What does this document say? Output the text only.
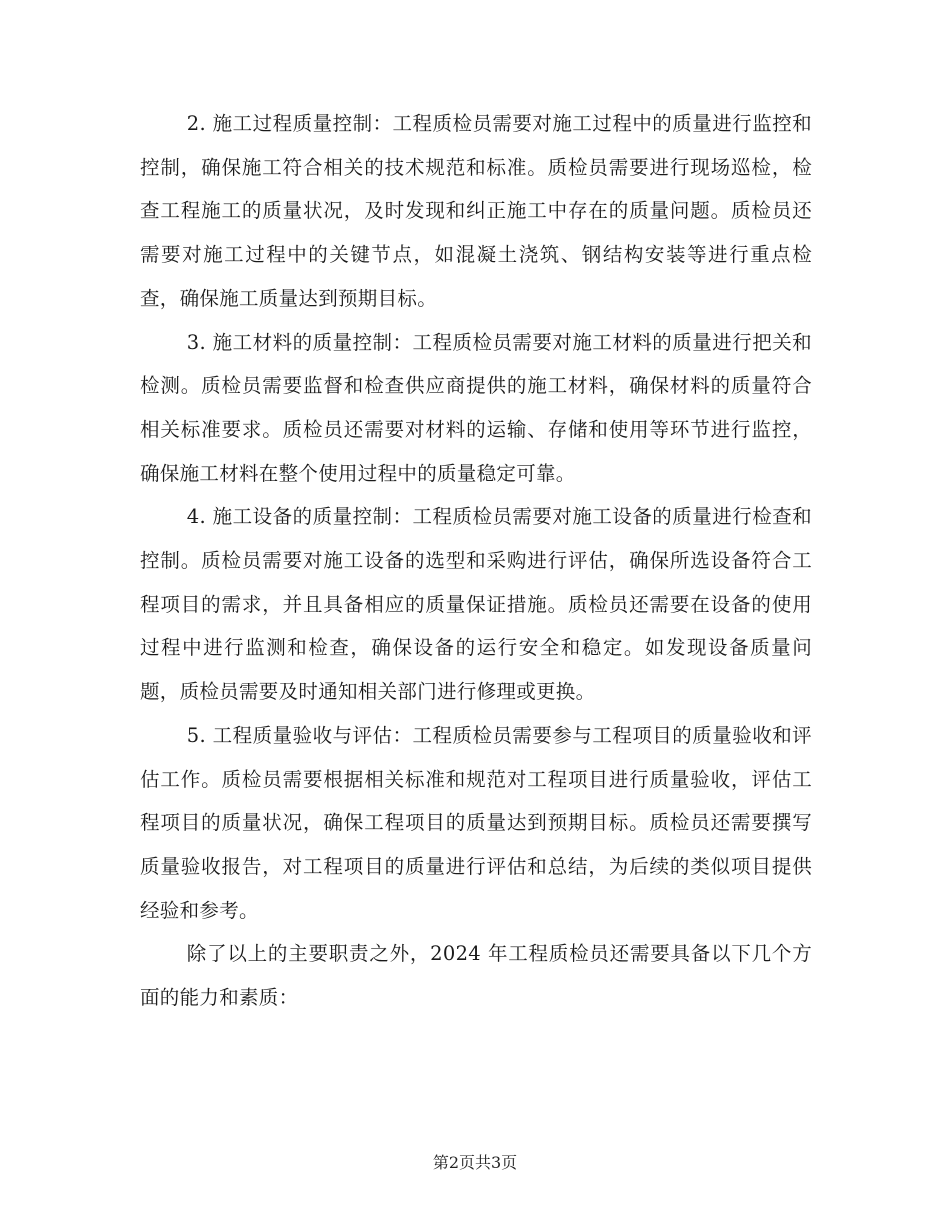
2. 施工过程质量控制：工程质检员需要对施工过程中的质量进行监控和控制，确保施工符合相关的技术规范和标准。质检员需要进行现场巡检，检查工程施工的质量状况，及时发现和纠正施工中存在的质量问题。质检员还需要对施工过程中的关键节点，如混凝土浇筑、钢结构安装等进行重点检查，确保施工质量达到预期目标。

3. 施工材料的质量控制：工程质检员需要对施工材料的质量进行把关和检测。质检员需要监督和检查供应商提供的施工材料，确保材料的质量符合相关标准要求。质检员还需要对材料的运输、存储和使用等环节进行监控，确保施工材料在整个使用过程中的质量稳定可靠。

4. 施工设备的质量控制：工程质检员需要对施工设备的质量进行检查和控制。质检员需要对施工设备的选型和采购进行评估，确保所选设备符合工程项目的需求，并且具备相应的质量保证措施。质检员还需要在设备的使用过程中进行监测和检查，确保设备的运行安全和稳定。如发现设备质量问题，质检员需要及时通知相关部门进行修理或更换。

5. 工程质量验收与评估：工程质检员需要参与工程项目的质量验收和评估工作。质检员需要根据相关标准和规范对工程项目进行质量验收，评估工程项目的质量状况，确保工程项目的质量达到预期目标。质检员还需要撰写质量验收报告，对工程项目的质量进行评估和总结，为后续的类似项目提供经验和参考。

除了以上的主要职责之外，2024 年工程质检员还需要具备以下几个方面的能力和素质：

第2页共3页
